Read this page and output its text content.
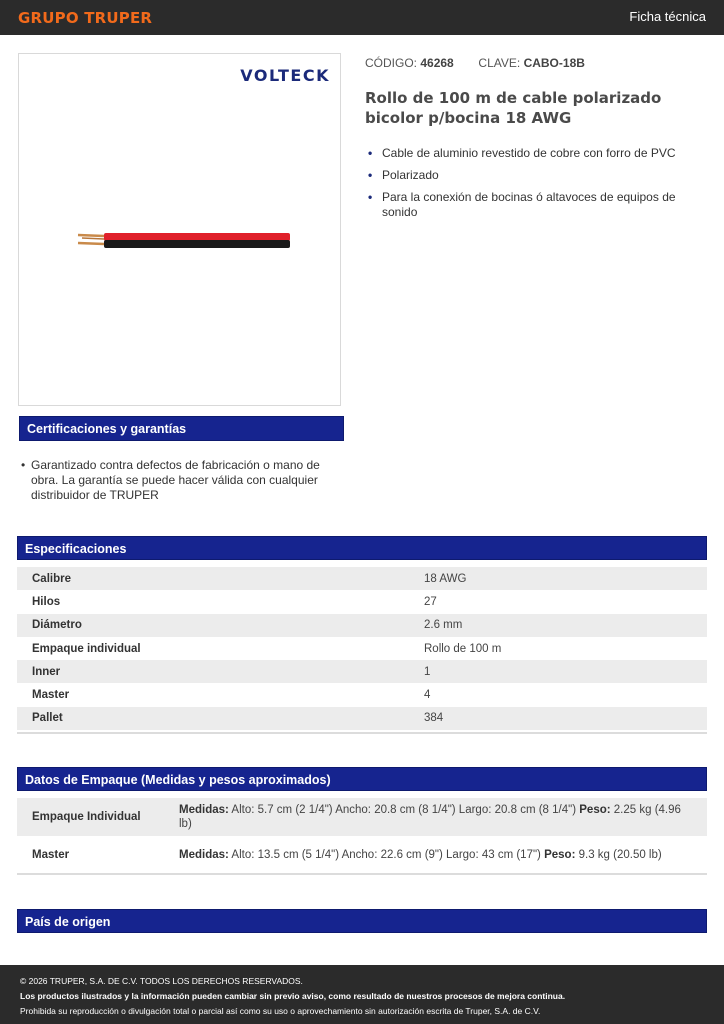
GRUPO TRUPER	Ficha técnica
VOLTECK
CÓDIGO: 46268 CLAVE: CABO-18B
Rollo de 100 m de cable polarizado bicolor p/bocina 18 AWG
• Cable de aluminio revestido de cobre con forro de PVC
• Polarizado
• Para la conexión de bocinas ó altavoces de equipos de sonido
Certificaciones y garantías
• Garantizado contra defectos de fabricación o mano de obra. La garantía se puede hacer válida con cualquier distribuidor de TRUPER
Especificaciones
Calibre	18 AWG
Hilos	27
Diámetro	2.6 mm
Empaque individual	Rollo de 100 m
Inner	1
Master	4
Pallet	384
Datos de Empaque (Medidas y pesos aproximados)
Empaque Individual	Medidas: Alto: 5.7 cm (2 1/4") Ancho: 20.8 cm (8 1/4") Largo: 20.8 cm (8 1/4") Peso: 2.25 kg (4.96 lb)
Master	Medidas: Alto: 13.5 cm (5 1/4") Ancho: 22.6 cm (9") Largo: 43 cm (17") Peso: 9.3 kg (20.50 lb)
País de origen
© 2026 TRUPER, S.A. DE C.V. TODOS LOS DERECHOS RESERVADOS.
Los productos ilustrados y la información pueden cambiar sin previo aviso, como resultado de nuestros procesos de mejora continua.
Prohibida su reproducción o divulgación total o parcial así como su uso o aprovechamiento sin autorización escrita de Truper, S.A. de C.V.
